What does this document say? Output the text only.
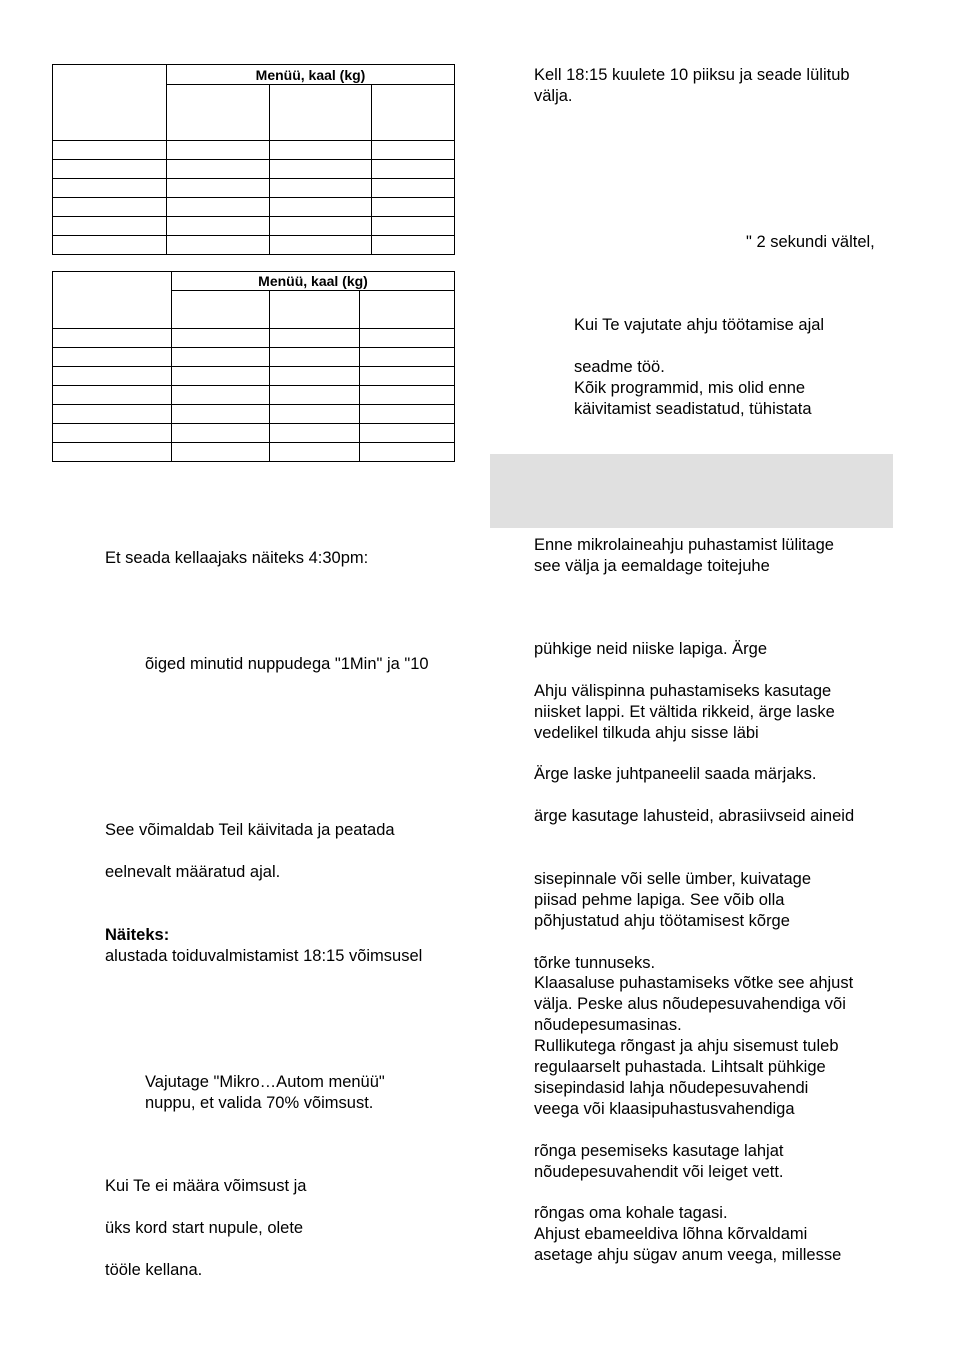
	Menüü, kaal (kg)		

	Menüü, kaal (kg)		

Et seada kellaajaks näiteks 4:30pm:
õiged minutid nuppudega "1Min" ja "10
See võimaldab Teil käivitada ja peatada
eelnevalt määratud ajal.
Näiteks:
alustada toiduvalmistamist 18:15 võimsusel
Vajutage "Mikro…Autom menüü"
nuppu, et valida 70% võimsust.
Kui Te ei määra võimsust ja
üks kord start nupule, olete
tööle kellana.
Kell 18:15 kuulete 10 piiksu ja seade lülitub
välja.
" 2 sekundi vältel,
Kui Te vajutate ahju töötamise ajal
seadme töö.
Kõik programmid, mis olid enne
käivitamist seadistatud, tühistata
Enne mikrolaineahju puhastamist lülitage
see välja ja eemaldage toitejuhe
pühkige neid niiske lapiga. Ärge
Ahju välispinna puhastamiseks kasutage
niisket lappi. Et vältida rikkeid, ärge laske
vedelikel tilkuda ahju sisse läbi
Ärge laske juhtpaneelil saada märjaks.
ärge kasutage lahusteid, abrasiivseid aineid
sisepinnale või selle ümber, kuivatage
piisad pehme lapiga. See võib olla
põhjustatud ahju töötamisest kõrge
tõrke tunnuseks.
Klaasaluse puhastamiseks võtke see ahjust
välja. Peske alus nõudepesuvahendiga või
nõudepesumasinas.
Rullikutega rõngast ja ahju sisemust tuleb
regulaarselt puhastada. Lihtsalt pühkige
sisepindasid lahja nõudepesuvahendi
veega või klaasipuhastusvahendiga
rõnga pesemiseks kasutage lahjat
nõudepesuvahendit või leiget vett.
rõngas oma kohale tagasi.
Ahjust ebameeldiva lõhna kõrvaldami
asetage ahju sügav anum veega, millesse
